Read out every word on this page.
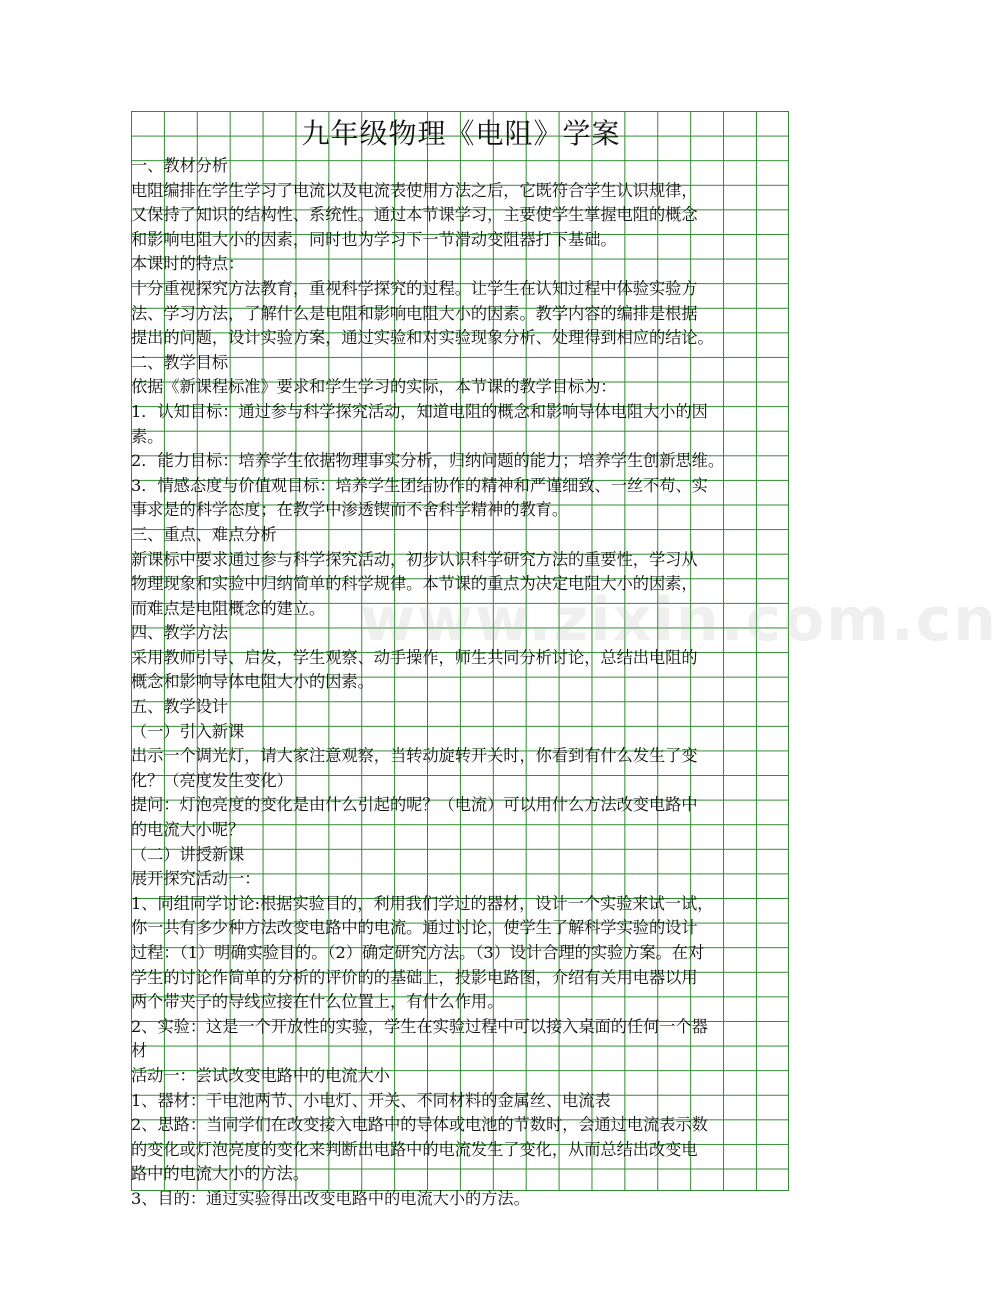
www.zixin.com.cn
九年级物理《电阻》学案
一、教材分析
电阻编排在学生学习了电流以及电流表使用方法之后，它既符合学生认识规律，
又保持了知识的结构性、系统性。通过本节课学习，主要使学生掌握电阻的概念
和影响电阻大小的因素，同时也为学习下一节滑动变阻器打下基础。
本课时的特点：
十分重视探究方法教育，重视科学探究的过程。让学生在认知过程中体验实验方
法、学习方法，了解什么是电阻和影响电阻大小的因素。教学内容的编排是根据
提出的问题，设计实验方案，通过实验和对实验现象分析、处理得到相应的结论。
二、教学目标
依据《新课程标准》要求和学生学习的实际，本节课的教学目标为：
1．认知目标：通过参与科学探究活动，知道电阻的概念和影响导体电阻大小的因
素。
2．能力目标：培养学生依据物理事实分析，归纳问题的能力；培养学生创新思维。
3．情感态度与价值观目标：培养学生团结协作的精神和严谨细致、一丝不苟、实
事求是的科学态度；在教学中渗透锲而不舍科学精神的教育。
三、重点、难点分析
新课标中要求通过参与科学探究活动，初步认识科学研究方法的重要性，学习从
物理现象和实验中归纳简单的科学规律。本节课的重点为决定电阻大小的因素，
而难点是电阻概念的建立。
四、教学方法
采用教师引导、启发，学生观察、动手操作，师生共同分析讨论，总结出电阻的
概念和影响导体电阻大小的因素。
五、教学设计
（一）引入新课
出示一个调光灯，请大家注意观察，当转动旋转开关时，你看到有什么发生了变
化？（亮度发生变化）
提问：灯泡亮度的变化是由什么引起的呢？（电流）可以用什么方法改变电路中
的电流大小呢？
（二）讲授新课
展开探究活动一：
1、同组同学讨论:根据实验目的，利用我们学过的器材，设计一个实验来试一试，
你一共有多少种方法改变电路中的电流。通过讨论，使学生了解科学实验的设计
过程：（1）明确实验目的。（2）确定研究方法。（3）设计合理的实验方案。在对
学生的讨论作简单的分析的评价的的基础上，投影电路图，介绍有关用电器以用
两个带夹子的导线应接在什么位置上，有什么作用。
2、实验：这是一个开放性的实验，学生在实验过程中可以接入桌面的任何一个器
材
活动一：尝试改变电路中的电流大小
1、器材：干电池两节、小电灯、开关、不同材料的金属丝、电流表
2、思路：当同学们在改变接入电路中的导体或电池的节数时，会通过电流表示数
的变化或灯泡亮度的变化来判断出电路中的电流发生了变化，从而总结出改变电
路中的电流大小的方法。
3、目的：通过实验得出改变电路中的电流大小的方法。
